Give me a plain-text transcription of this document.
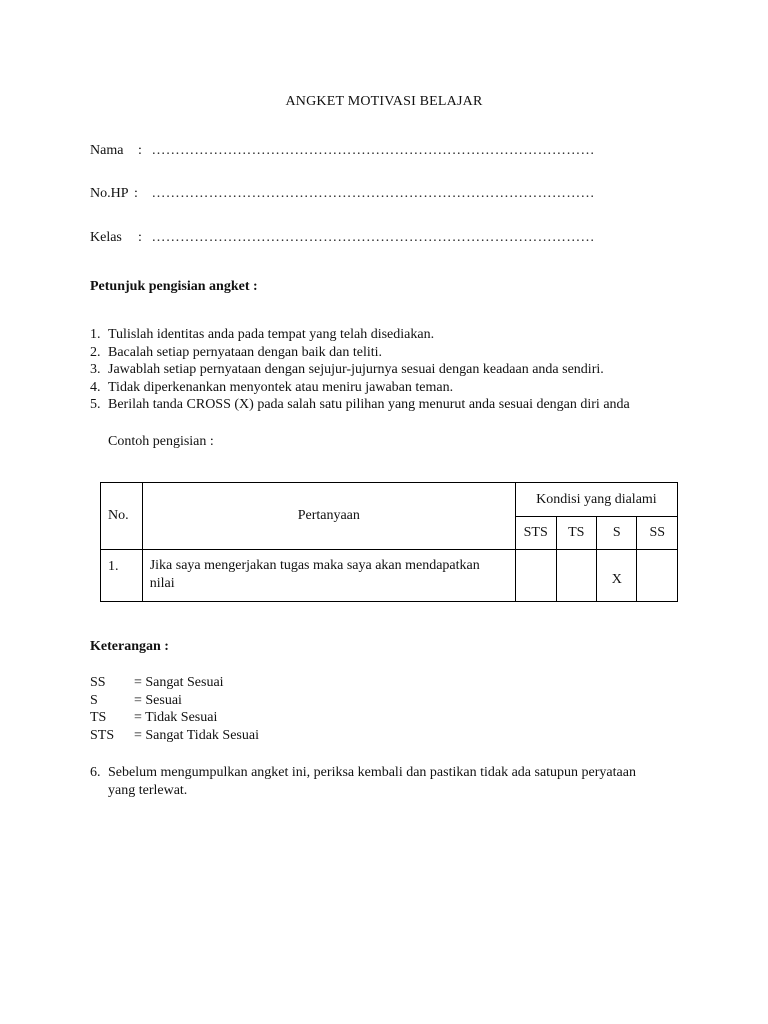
ANGKET MOTIVASI BELAJAR
Nama : …………………………………………………………………………………
No.HP : …………………………………………………………………………………
Kelas : …………………………………………………………………………………
Petunjuk pengisian angket :
1. Tulislah identitas anda pada tempat yang telah disediakan.
2. Bacalah setiap pernyataan dengan baik dan teliti.
3. Jawablah setiap pernyataan dengan sejujur-jujurnya sesuai dengan keadaan anda sendiri.
4. Tidak diperkenankan menyontek atau meniru jawaban teman.
5. Berilah tanda CROSS (X) pada salah satu pilihan yang menurut anda sesuai dengan diri anda
Contoh pengisian :
No.	Pertanyaan	Kondisi yang dialami			
		STS	TS	S	SS
1.	Jika saya mengerjakan tugas maka saya akan mendapatkan nilai			X	
Keterangan :
SS = Sangat Sesuai
S	= Sesuai
TS = Tidak Sesuai
STS = Sangat Tidak Sesuai
6. Sebelum mengumpulkan angket ini, periksa kembali dan pastikan tidak ada satupun peryataan
yang terlewat.
